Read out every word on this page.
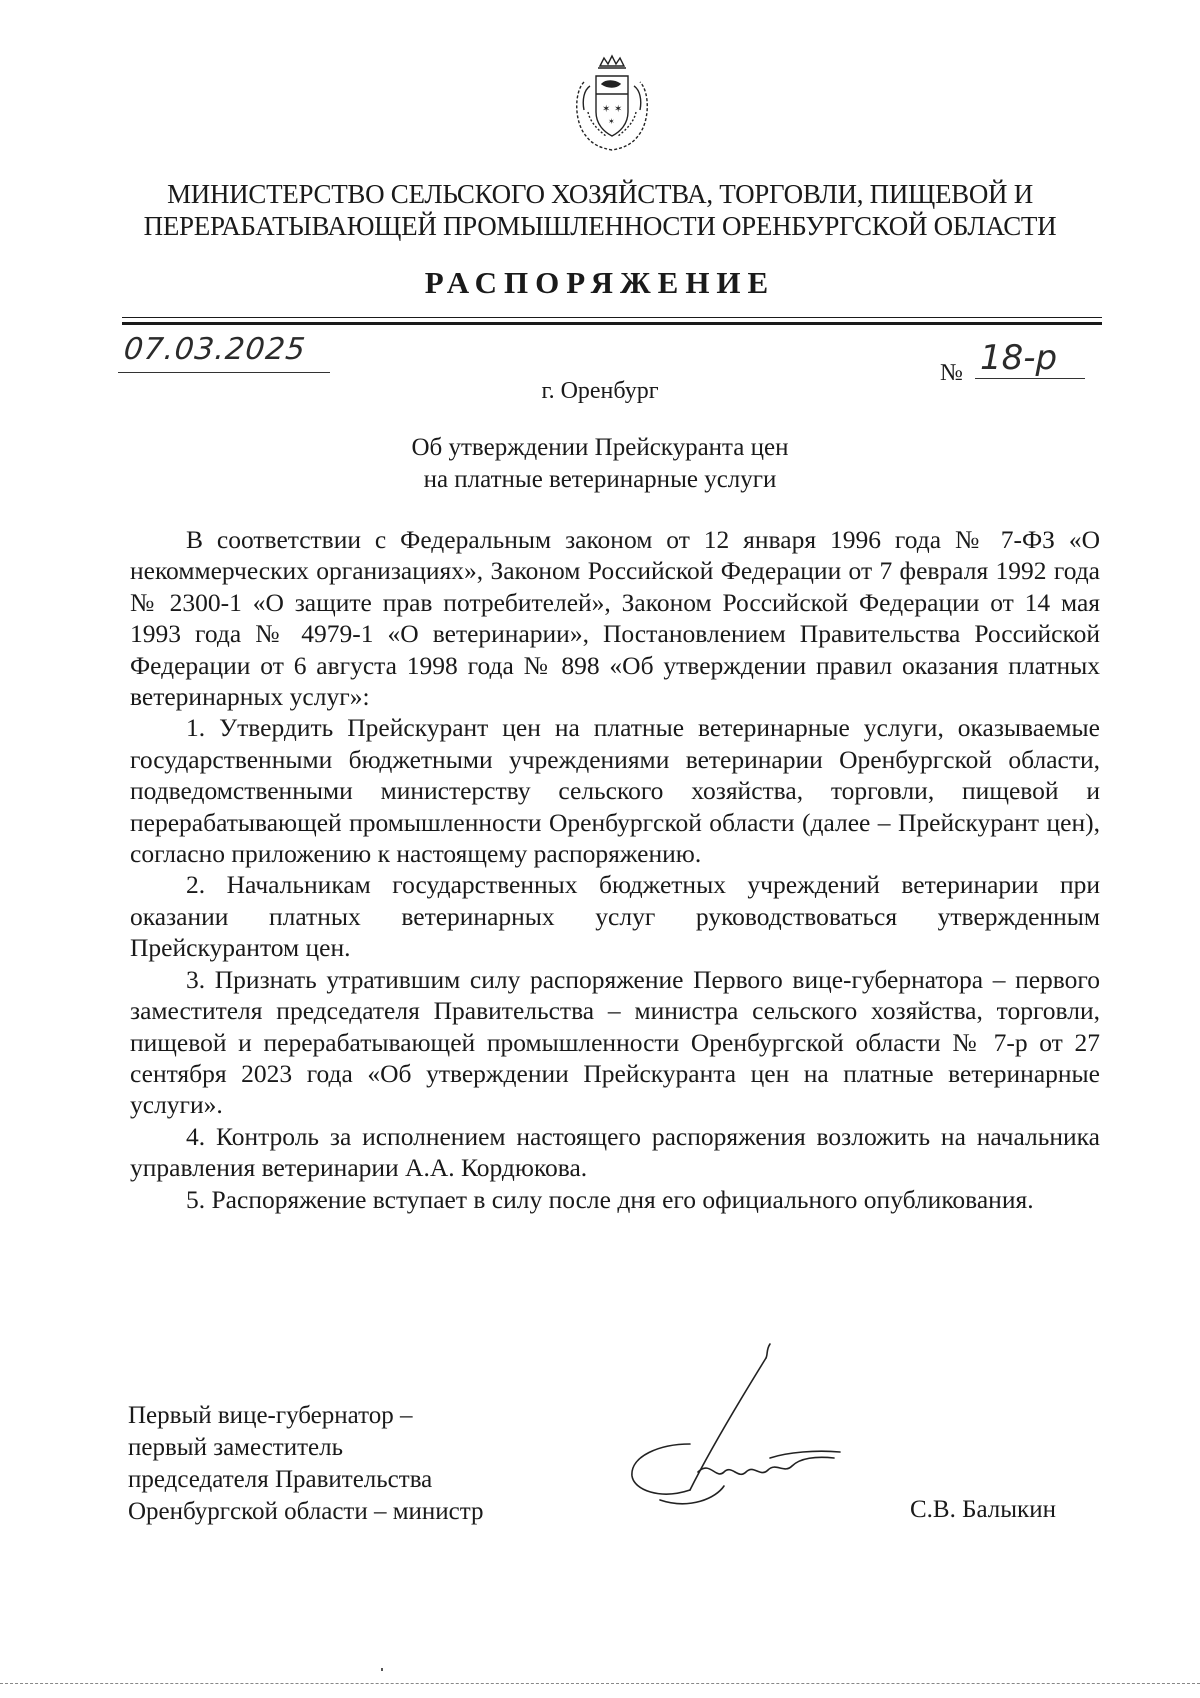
✶ ✶
✶
МИНИСТЕРСТВО СЕЛЬСКОГО ХОЗЯЙСТВА, ТОРГОВЛИ, ПИЩЕВОЙ И
ПЕРЕРАБАТЫВАЮЩЕЙ ПРОМЫШЛЕННОСТИ ОРЕНБУРГСКОЙ ОБЛАСТИ
РАСПОРЯЖЕНИЕ
07.03.2025
№ 18-р
г. Оренбург
Об утверждении Прейскуранта цен
на платные ветеринарные услуги

В соответствии с Федеральным законом от 12 января 1996 года № 7-ФЗ «О некоммерческих организациях», Законом Российской Федерации от 7 февраля 1992 года № 2300-1 «О защите прав потребителей», Законом Российской Федерации от 14 мая 1993 года № 4979-1 «О ветеринарии», Постановлением Правительства Российской Федерации от 6 августа 1998 года № 898 «Об утверждении правил оказания платных ветеринарных услуг»:

1. Утвердить Прейскурант цен на платные ветеринарные услуги, оказываемые государственными бюджетными учреждениями ветеринарии Оренбургской области, подведомственными министерству сельского хозяйства, торговли, пищевой и перерабатывающей промышленности Оренбургской области (далее – Прейскурант цен), согласно приложению к настоящему распоряжению.

2. Начальникам государственных бюджетных учреждений ветеринарии при оказании платных ветеринарных услуг руководствоваться утвержденным Прейскурантом цен.

3. Признать утратившим силу распоряжение Первого вице-губернатора – первого заместителя председателя Правительства – министра сельского хозяйства, торговли, пищевой и перерабатывающей промышленности Оренбургской области № 7-р от 27 сентября 2023 года «Об утверждении Прейскуранта цен на платные ветеринарные услуги».

4. Контроль за исполнением настоящего распоряжения возложить на начальника управления ветеринарии А.А. Кордюкова.

5. Распоряжение вступает в силу после дня его официального опубликования.

Первый вице-губернатор –
первый заместитель
председателя Правительства
Оренбургской области – министр	С.В. Балыкин
